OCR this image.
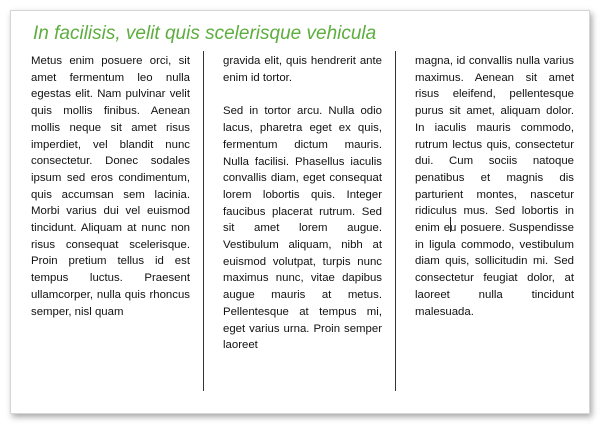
In facilisis, velit quis scelerisque vehicula

Metus enim posuere orci, sit amet fermentum leo nulla egestas elit. Nam pulvinar velit quis mollis finibus. Aenean mollis neque sit amet risus imperdiet, vel blandit nunc consectetur. Donec sodales ipsum sed eros condimentum, quis accumsan sem lacinia. Morbi varius dui vel euismod tincidunt. Aliquam at nunc non risus consequat scelerisque. Proin pretium tellus id est tempus luctus. Praesent ullamcorper, nulla quis rhoncus semper, nisl quam

gravida elit, quis hendrerit ante enim id tortor.

Sed in tortor arcu. Nulla odio lacus, pharetra eget ex quis, fermentum dictum mauris. Nulla facilisi. Phasellus iaculis convallis diam, eget consequat lorem lobortis quis. Integer faucibus placerat rutrum. Sed sit amet lorem augue. Vestibulum aliquam, nibh at euismod volutpat, turpis nunc maximus nunc, vitae dapibus augue mauris at metus. Pellentesque at tempus mi, eget varius urna. Proin semper laoreet

magna, id convallis nulla varius maximus. Aenean sit amet risus eleifend, pellentesque purus sit amet, aliquam dolor. In iaculis mauris commodo, rutrum lectus quis, consectetur dui. Cum sociis natoque penatibus et magnis dis parturient montes, nascetur ridiculus mus. Sed lobortis in enim eu posuere. Suspendisse in ligula commodo, vestibulum diam quis, sollicitudin mi. Sed consectetur feugiat dolor, at laoreet nulla tincidunt malesuada.
